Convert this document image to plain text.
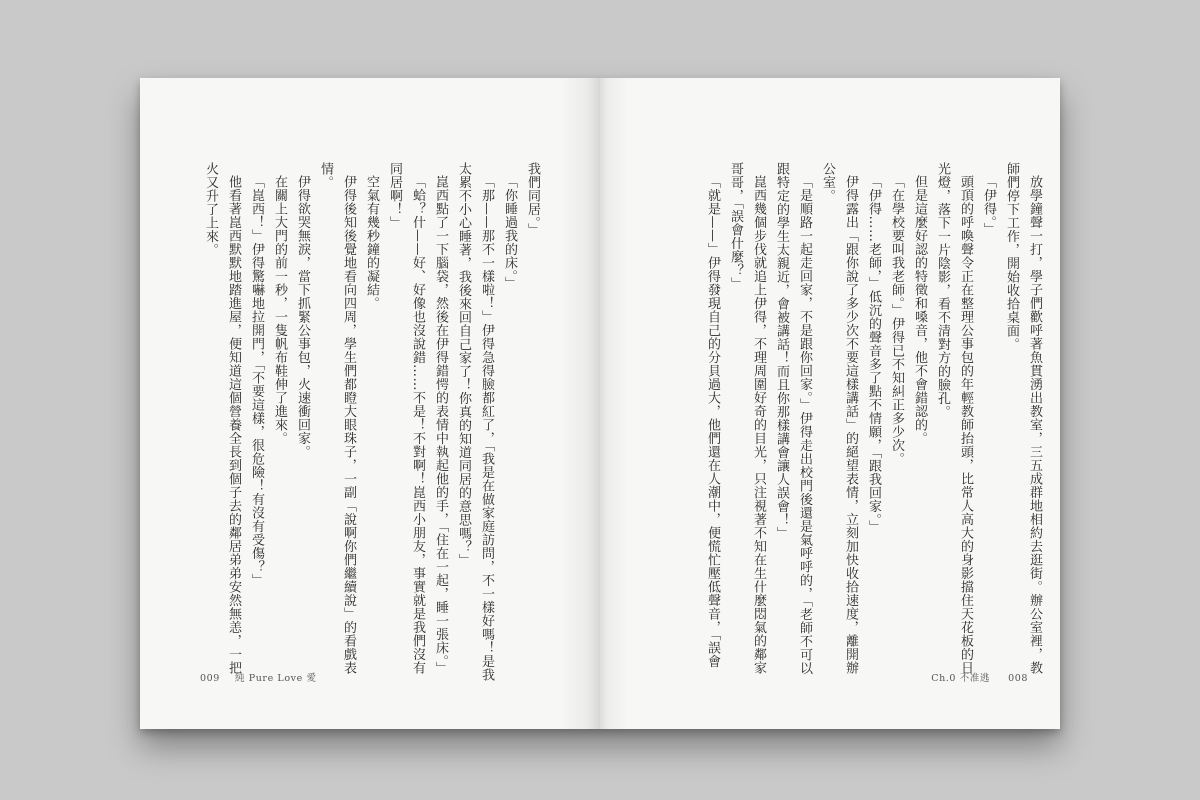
我們同居。」

「你睡過我的床。」

「那——那不一樣啦！」伊得急得臉都紅了，「我是在做家庭訪問，不一樣好嗎！是我太累不小心睡著，我後來回自己家了！你真的知道同居的意思嗎？」

崑西點了一下腦袋，然後在伊得錯愕的表情中執起他的手，「住在一起，睡一張床。」

「蛤？什——好、好像也沒說錯……不是！不對啊！崑西小朋友，事實就是我們沒有同居啊！」

空氣有幾秒鐘的凝結。

伊得後知後覺地看向四周，學生們都瞪大眼珠子，一副「說啊你們繼續說」的看戲表情。

伊得欲哭無淚，當下抓緊公事包，火速衝回家。

在關上大門的前一秒，一隻帆布鞋伸了進來。

「崑西！」伊得驚嚇地拉開門，「不要這樣，很危險！有沒有受傷？」

他看著崑西默默地踏進屋，便知道這個營養全長到個子去的鄰居弟弟安然無恙，一把火又升了上來。

009 純 Pure Love 愛

放學鐘聲一打，學子們歡呼著魚貫湧出教室，三五成群地相約去逛街。辦公室裡，教師們停下工作，開始收拾桌面。

「伊得。」

頭頂的呼喚聲令正在整理公事包的年輕教師抬頭，比常人高大的身影擋住天花板的日光燈，落下一片陰影，看不清對方的臉孔。

但是這麼好認的特徵和嗓音，他不會錯認的。

「在學校要叫我老師。」伊得已不知糾正多少次。

「伊得……老師，」低沉的聲音多了點不情願，「跟我回家。」

伊得露出「跟你說了多少次不要這樣講話」的絕望表情，立刻加快收拾速度，離開辦公室。

「是順路一起走回家，不是跟你回家。」伊得走出校門後還是氣呼呼的，「老師不可以跟特定的學生太親近，會被講話！而且你那樣講會讓人誤會！」

崑西幾個步伐就追上伊得，不理周圍好奇的目光，只注視著不知在生什麼悶氣的鄰家哥哥，「誤會什麼？」

「就是——」伊得發現自己的分貝過大，他們還在人潮中，便慌忙壓低聲音，「誤會

Ch.0 不准逃 008
